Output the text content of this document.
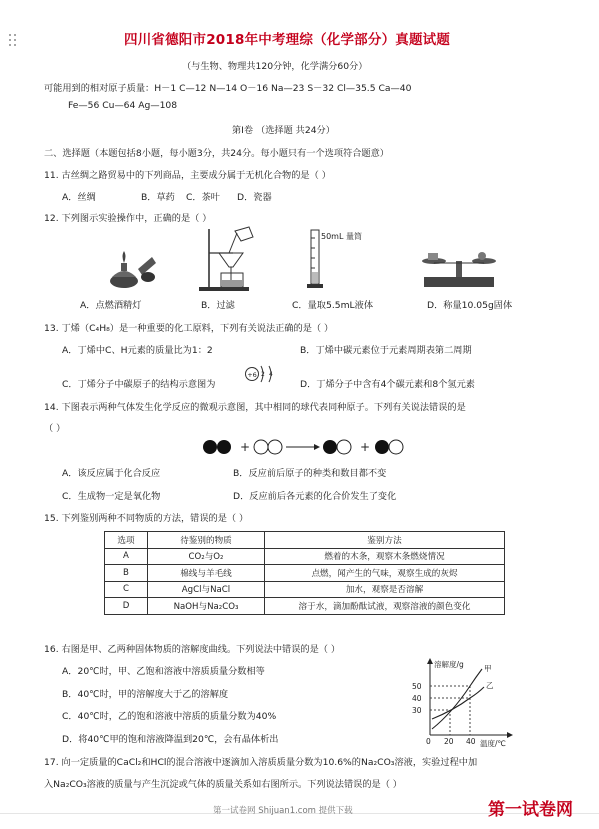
四川省德阳市2018年中考理综（化学部分）真题试题
（与生物、物理共120分钟，化学满分60分）
可能用到的相对原子质量：H－1 C—12 N—14 O－16 Na—23 S－32 Cl—35.5 Ca—40
Fe—56 Cu—64 Ag—108
第Ⅰ卷 （选择题 共24分）
二、选择题（本题包括8小题，每小题3分，共24分。每小题只有一个选项符合题意）
11. 古丝绸之路贸易中的下列商品，主要成分属于无机化合物的是（ ）
A．丝绸	B．草药 C．茶叶 D．瓷器
12. 下列图示实验操作中，正确的是（ ）
50mL 量筒
A．点燃酒精灯	B．过滤	C．量取5.5mL液体	D．称量10.05g固体
13. 丁烯（C₄H₈）是一种重要的化工原料，下列有关说法正确的是（ ）
A．丁烯中C、H元素的质量比为1：2	B．丁烯中碳元素位于元素周期表第二周期
C．丁烯分子中碳原子的结构示意图为
+6 2 4
D．丁烯分子中含有4个碳元素和8个氢元素
14. 下图表示两种气体发生化学反应的微观示意图，其中相同的球代表同种原子。下列有关说法错误的是
（ ）
+	+
A．该反应属于化合反应	B．反应前后原子的种类和数目都不变
C．生成物一定是氧化物	D．反应前后各元素的化合价发生了变化
15. 下列鉴别两种不同物质的方法，错误的是（ ）
选项	待鉴别的物质	鉴别方法
A	CO₂与O₂	燃着的木条，观察木条燃烧情况
B	棉线与羊毛线	点燃，闻产生的气味，观察生成的灰烬
C	AgCl与NaCl	加水，观察是否溶解
D	NaOH与Na₂CO₃	溶于水，滴加酚酞试液，观察溶液的颜色变化
16. 右图是甲、乙两种固体物质的溶解度曲线。下列说法中错误的是（ ）
A．20℃时，甲、乙饱和溶液中溶质质量分数相等
B．40℃时，甲的溶解度大于乙的溶解度
C．40℃时，乙的饱和溶液中溶质的质量分数为40%
D．将40℃甲的饱和溶液降温到20℃，会有晶体析出
溶解度/g
温度/℃
50
40
30
0 20 40
甲
乙
17. 向一定质量的CaCl₂和HCl的混合溶液中逐滴加入溶质质量分数为10.6%的Na₂CO₃溶液，实验过程中加
入Na₂CO₃溶液的质量与产生沉淀或气体的质量关系如右图所示。下列说法错误的是（ ）
第一试卷网 Shijuan1.com 提供下载	第一试卷网
